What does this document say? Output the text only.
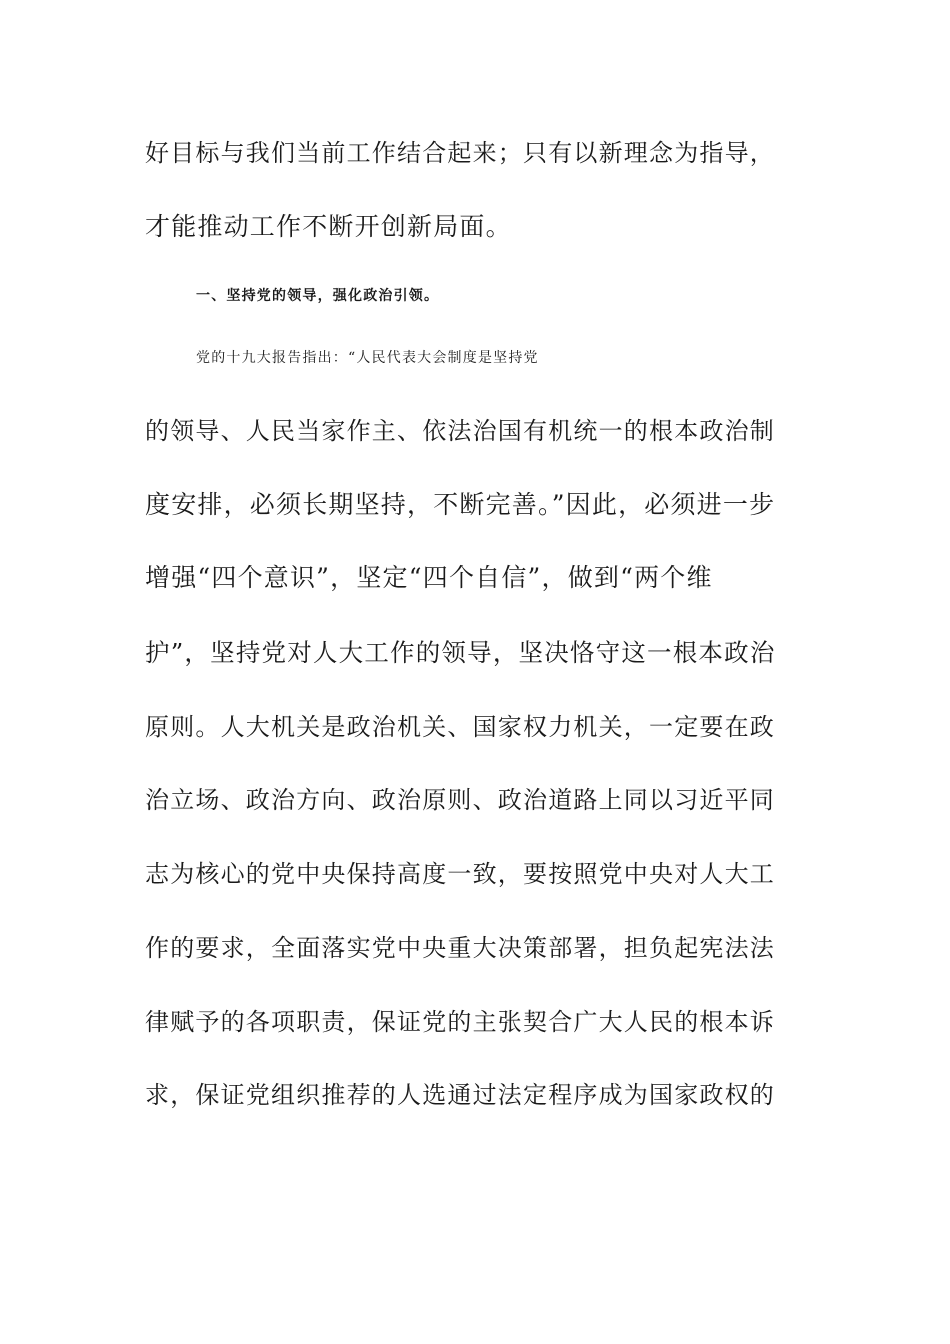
好目标与我们当前工作结合起来；只有以新理念为指导，
才能推动工作不断开创新局面。
一、坚持党的领导，强化政治引领。
党的十九大报告指出：“人民代表大会制度是坚持党
的领导、人民当家作主、依法治国有机统一的根本政治制
度安排，必须长期坚持，不断完善。”因此，必须进一步
增强“四个意识”，坚定“四个自信”，做到“两个维
护”，坚持党对人大工作的领导，坚决恪守这一根本政治
原则。人大机关是政治机关、国家权力机关，一定要在政
治立场、政治方向、政治原则、政治道路上同以习近平同
志为核心的党中央保持高度一致，要按照党中央对人大工
作的要求，全面落实党中央重大决策部署，担负起宪法法
律赋予的各项职责，保证党的主张契合广大人民的根本诉
求，保证党组织推荐的人选通过法定程序成为国家政权的
